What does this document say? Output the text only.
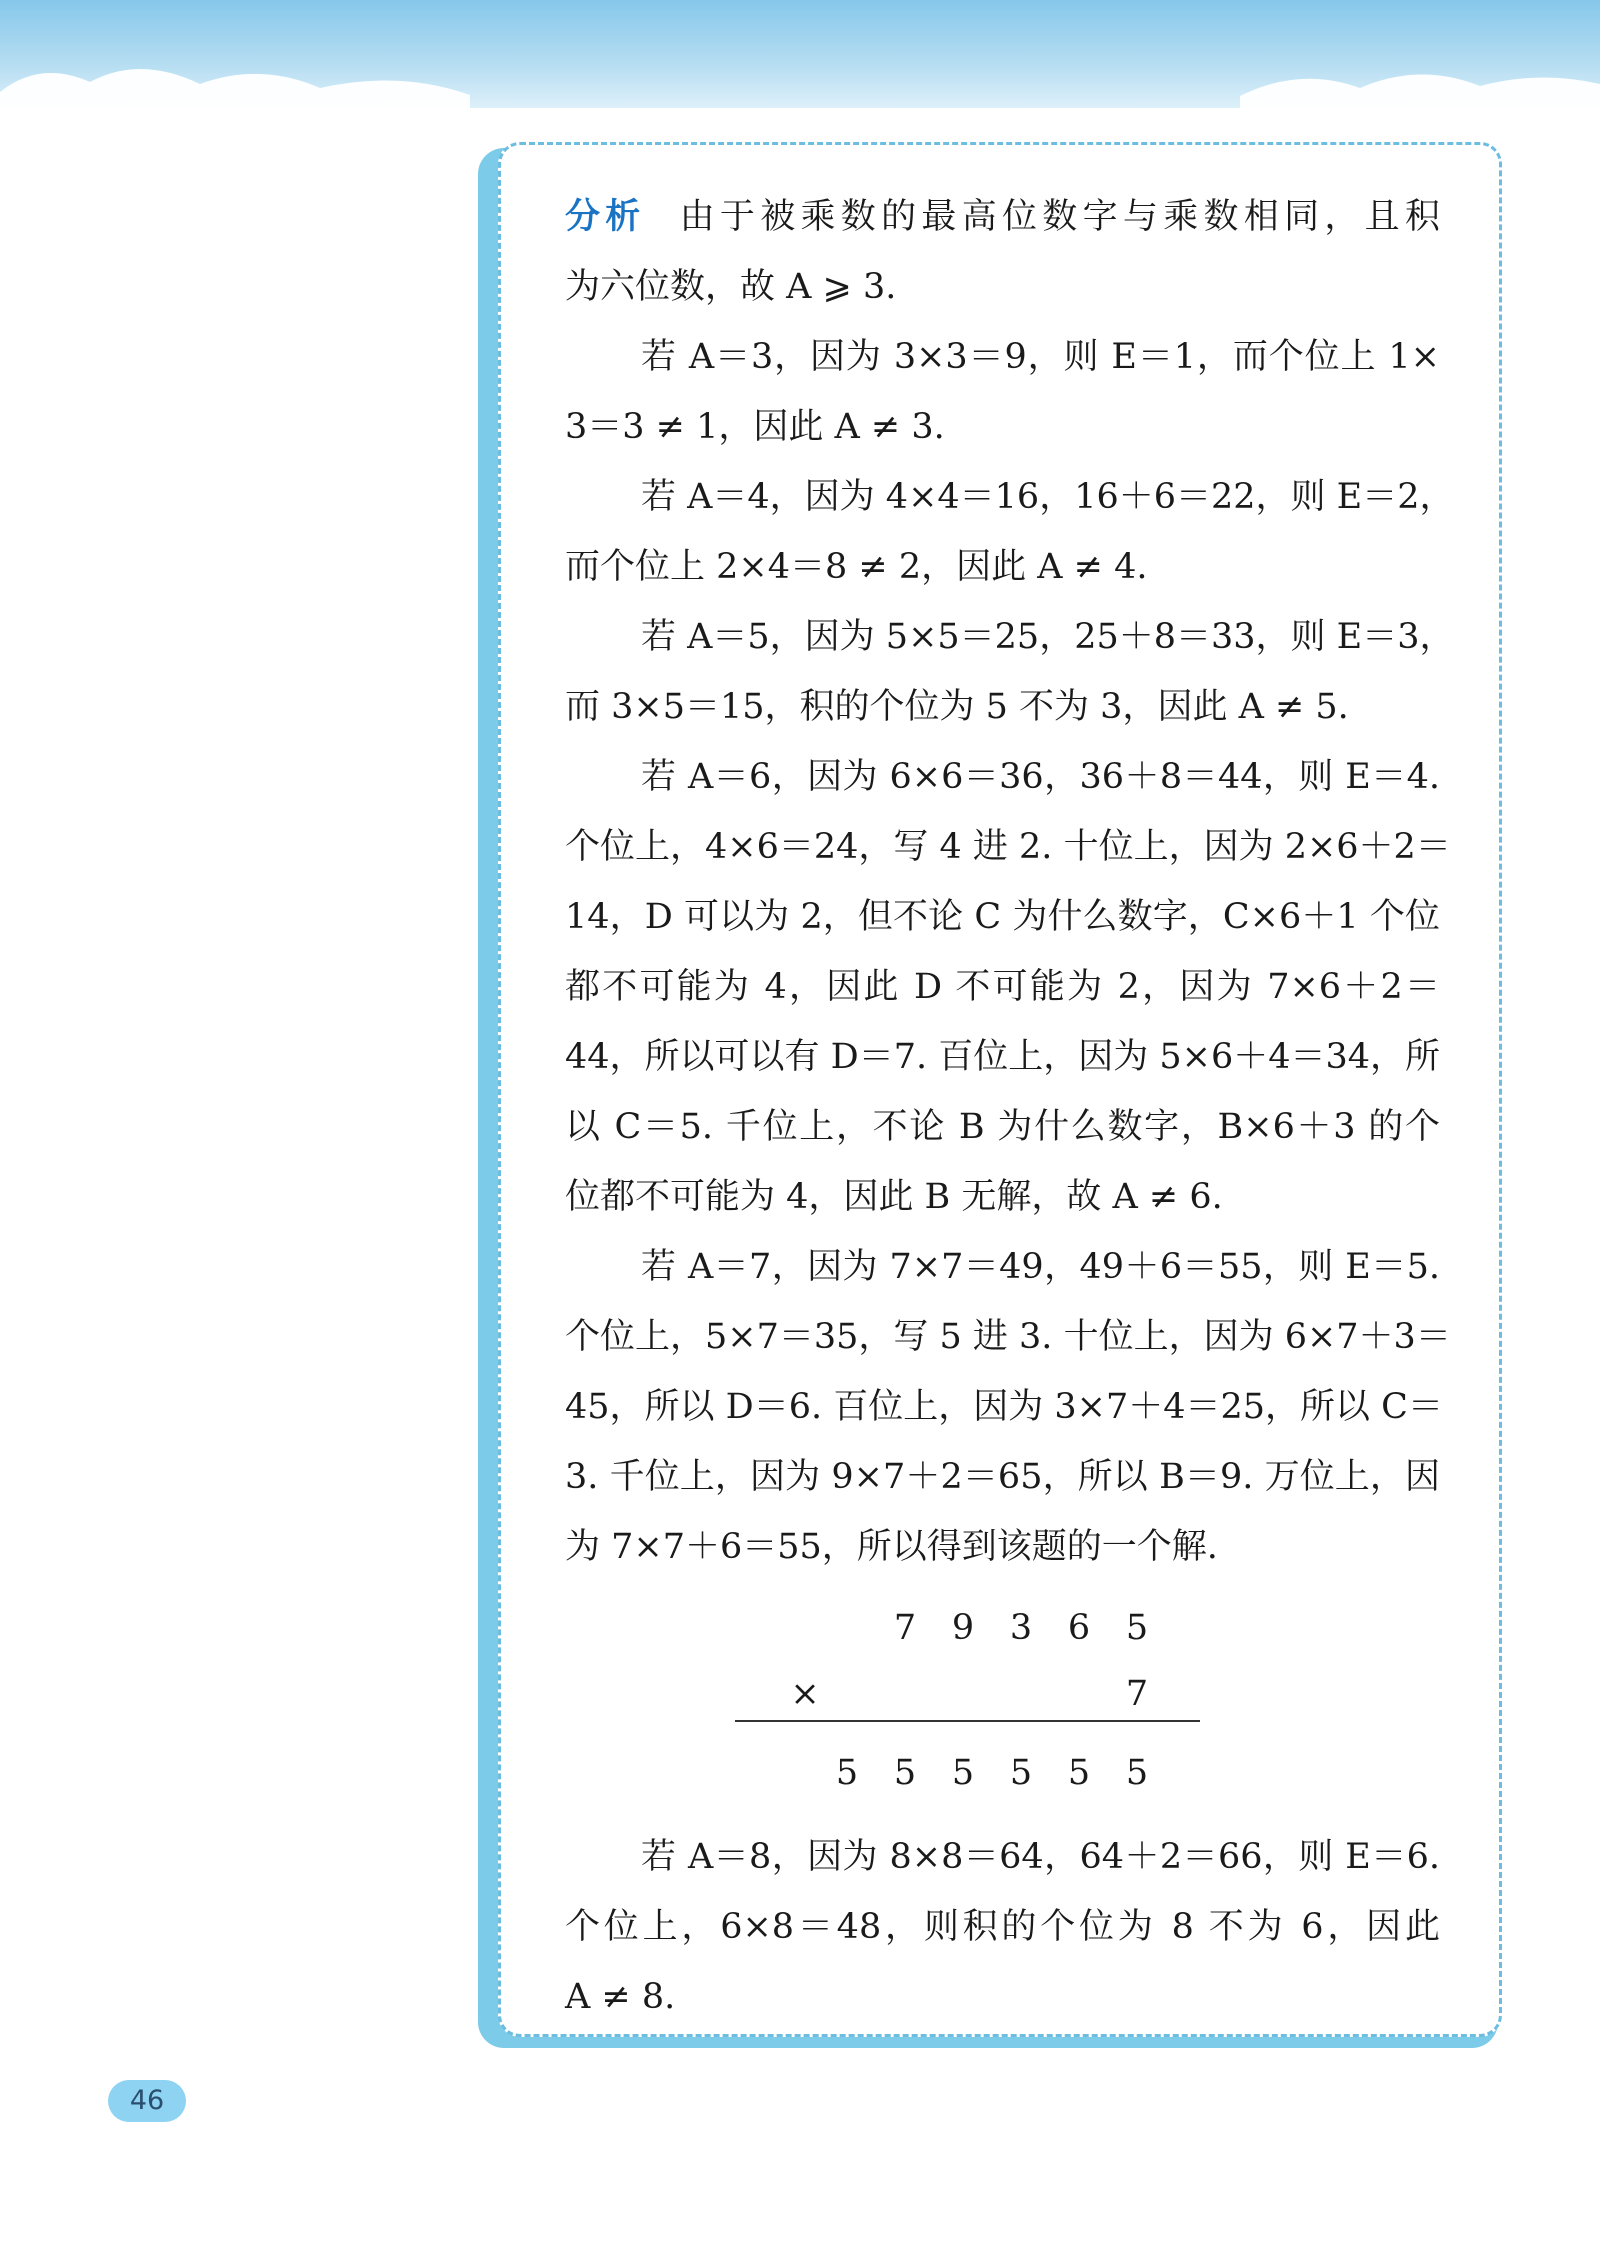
分析 由于被乘数的最高位数字与乘数相同，且积
为六位数，故 A ⩾ 3.
若 A＝3，因为 3×3＝9，则 E＝1，而个位上 1×
3＝3 ≠ 1，因此 A ≠ 3.
若 A＝4，因为 4×4＝16，16＋6＝22，则 E＝2，
而个位上 2×4＝8 ≠ 2，因此 A ≠ 4.
若 A＝5，因为 5×5＝25，25＋8＝33，则 E＝3，
而 3×5＝15，积的个位为 5 不为 3，因此 A ≠ 5.
若 A＝6，因为 6×6＝36，36＋8＝44，则 E＝4.
个位上，4×6＝24，写 4 进 2. 十位上，因为 2×6＋2＝
14，D 可以为 2，但不论 C 为什么数字，C×6＋1 个位
都不可能为 4，因此 D 不可能为 2，因为 7×6＋2＝
44，所以可以有 D＝7. 百位上，因为 5×6＋4＝34，所
以 C＝5. 千位上，不论 B 为什么数字，B×6＋3 的个
位都不可能为 4，因此 B 无解，故 A ≠ 6.
若 A＝7，因为 7×7＝49，49＋6＝55，则 E＝5.
个位上，5×7＝35，写 5 进 3. 十位上，因为 6×7＋3＝
45，所以 D＝6. 百位上，因为 3×7＋4＝25，所以 C＝
3. 千位上，因为 9×7＋2＝65，所以 B＝9. 万位上，因
为 7×7＋6＝55，所以得到该题的一个解.
7 9 3 6 5
×	7
5 5 5 5 5 5
若 A＝8，因为 8×8＝64，64＋2＝66，则 E＝6.
个位上，6×8＝48，则积的个位为 8 不为 6，因此
A ≠ 8.
46
